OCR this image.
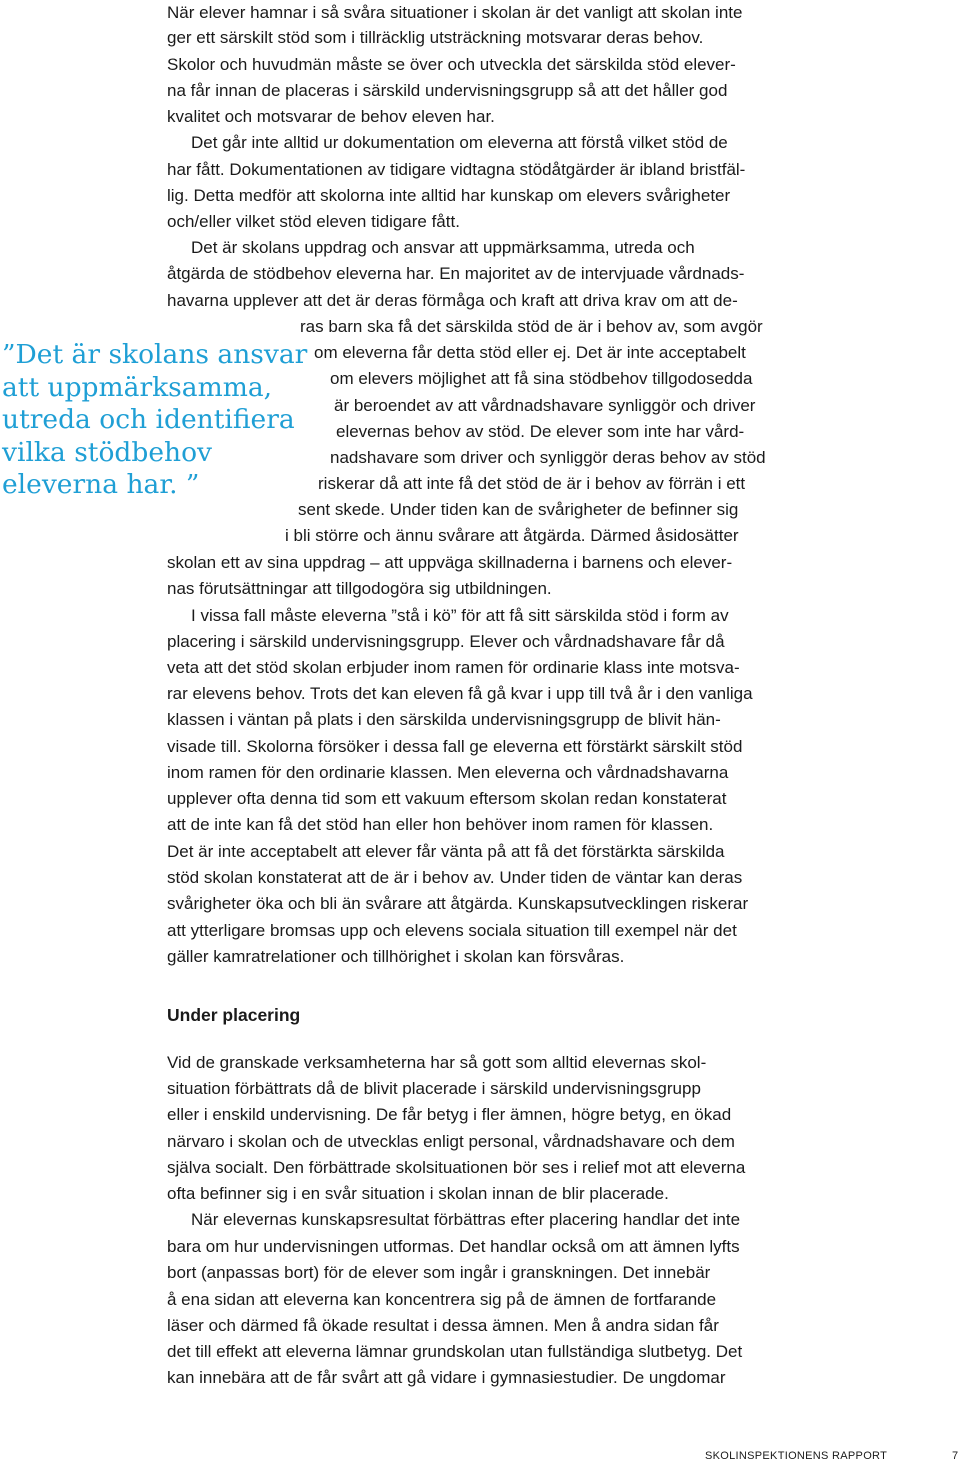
”Det är skolans ansvar
att uppmärksamma,
utreda och identifiera
vilka stödbehov
eleverna har. ”
När elever hamnar i så svåra situationer i skolan är det vanligt att skolan inte
ger ett särskilt stöd som i tillräcklig utsträckning motsvarar deras behov.
Skolor och huvudmän måste se över och utveckla det särskilda stöd elever-
na får innan de placeras i särskild undervisningsgrupp så att det håller god
kvalitet och motsvarar de behov eleven har.
Det går inte alltid ur dokumentation om eleverna att förstå vilket stöd de
har fått. Dokumentationen av tidigare vidtagna stödåtgärder är ibland bristfäl-
lig. Detta medför att skolorna inte alltid har kunskap om elevers svårigheter
och/eller vilket stöd eleven tidigare fått.
Det är skolans uppdrag och ansvar att uppmärksamma, utreda och
åtgärda de stödbehov eleverna har. En majoritet av de intervjuade vårdnads-
havarna upplever att det är deras förmåga och kraft att driva krav om att de-
ras barn ska få det särskilda stöd de är i behov av, som avgör
om eleverna får detta stöd eller ej. Det är inte acceptabelt
om elevers möjlighet att få sina stödbehov tillgodosedda
är beroendet av att vårdnadshavare synliggör och driver
elevernas behov av stöd. De elever som inte har vård-
nadshavare som driver och synliggör deras behov av stöd
riskerar då att inte få det stöd de är i behov av förrän i ett
sent skede. Under tiden kan de svårigheter de befinner sig
i bli större och ännu svårare att åtgärda. Därmed åsidosätter
skolan ett av sina uppdrag – att uppväga skillnaderna i barnens och elever-
nas förutsättningar att tillgodogöra sig utbildningen.
I vissa fall måste eleverna ”stå i kö” för att få sitt särskilda stöd i form av
placering i särskild undervisningsgrupp. Elever och vårdnadshavare får då
veta att det stöd skolan erbjuder inom ramen för ordinarie klass inte motsva-
rar elevens behov. Trots det kan eleven få gå kvar i upp till två år i den vanliga
klassen i väntan på plats i den särskilda undervisningsgrupp de blivit hän-
visade till. Skolorna försöker i dessa fall ge eleverna ett förstärkt särskilt stöd
inom ramen för den ordinarie klassen. Men eleverna och vårdnadshavarna
upplever ofta denna tid som ett vakuum eftersom skolan redan konstaterat
att de inte kan få det stöd han eller hon behöver inom ramen för klassen.
Det är inte acceptabelt att elever får vänta på att få det förstärkta särskilda
stöd skolan konstaterat att de är i behov av. Under tiden de väntar kan deras
svårigheter öka och bli än svårare att åtgärda. Kunskapsutvecklingen riskerar
att ytterligare bromsas upp och elevens sociala situation till exempel när det
gäller kamratrelationer och tillhörighet i skolan kan försvåras.
Under placering
Vid de granskade verksamheterna har så gott som alltid elevernas skol-
situation förbättrats då de blivit placerade i särskild undervisningsgrupp
eller i enskild undervisning. De får betyg i fler ämnen, högre betyg, en ökad
närvaro i skolan och de utvecklas enligt personal, vårdnadshavare och dem
själva socialt. Den förbättrade skolsituationen bör ses i relief mot att eleverna
ofta befinner sig i en svår situation i skolan innan de blir placerade.
När elevernas kunskapsresultat förbättras efter placering handlar det inte
bara om hur undervisningen utformas. Det handlar också om att ämnen lyfts
bort (anpassas bort) för de elever som ingår i granskningen. Det innebär
å ena sidan att eleverna kan koncentrera sig på de ämnen de fortfarande
läser och därmed få ökade resultat i dessa ämnen. Men å andra sidan får
det till effekt att eleverna lämnar grundskolan utan fullständiga slutbetyg. Det
kan innebära att de får svårt att gå vidare i gymnasiestudier. De ungdomar
SKOLINSPEKTIONENS RAPPORT	7
